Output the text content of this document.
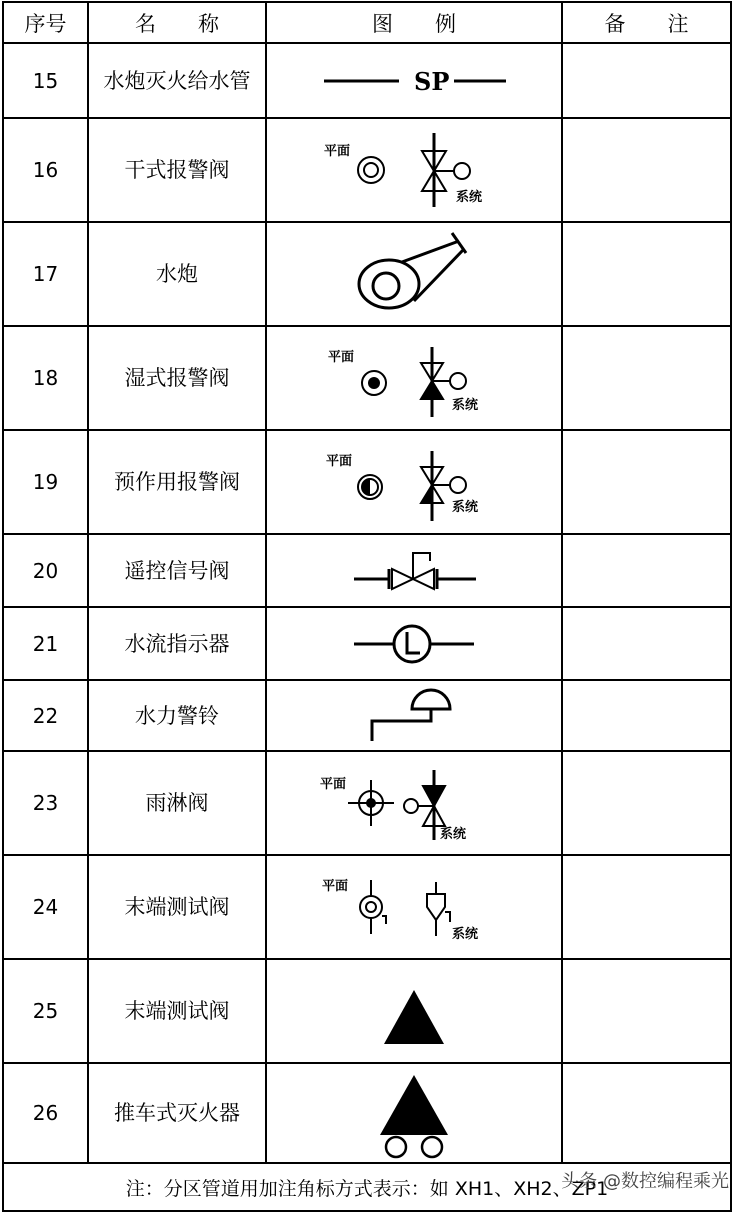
序号	名　　称	图　　例	备　　注
15	水炮灭火给水管	SP	

16	干式报警阀	平面
系统	

17	水炮	

18	湿式报警阀	平面
系统	

19	预作用报警阀	平面
系统	

20	遥控信号阀	

21	水流指示器	

22	水力警铃	

23	雨淋阀	平面
系统	

24	末端测试阀	平面
系统	

25	末端测试阀	

26	推车式灭火器	

注：分区管道用加注角标方式表示：如 XH1、XH2、ZP1			
头条 @数控编程乘光
